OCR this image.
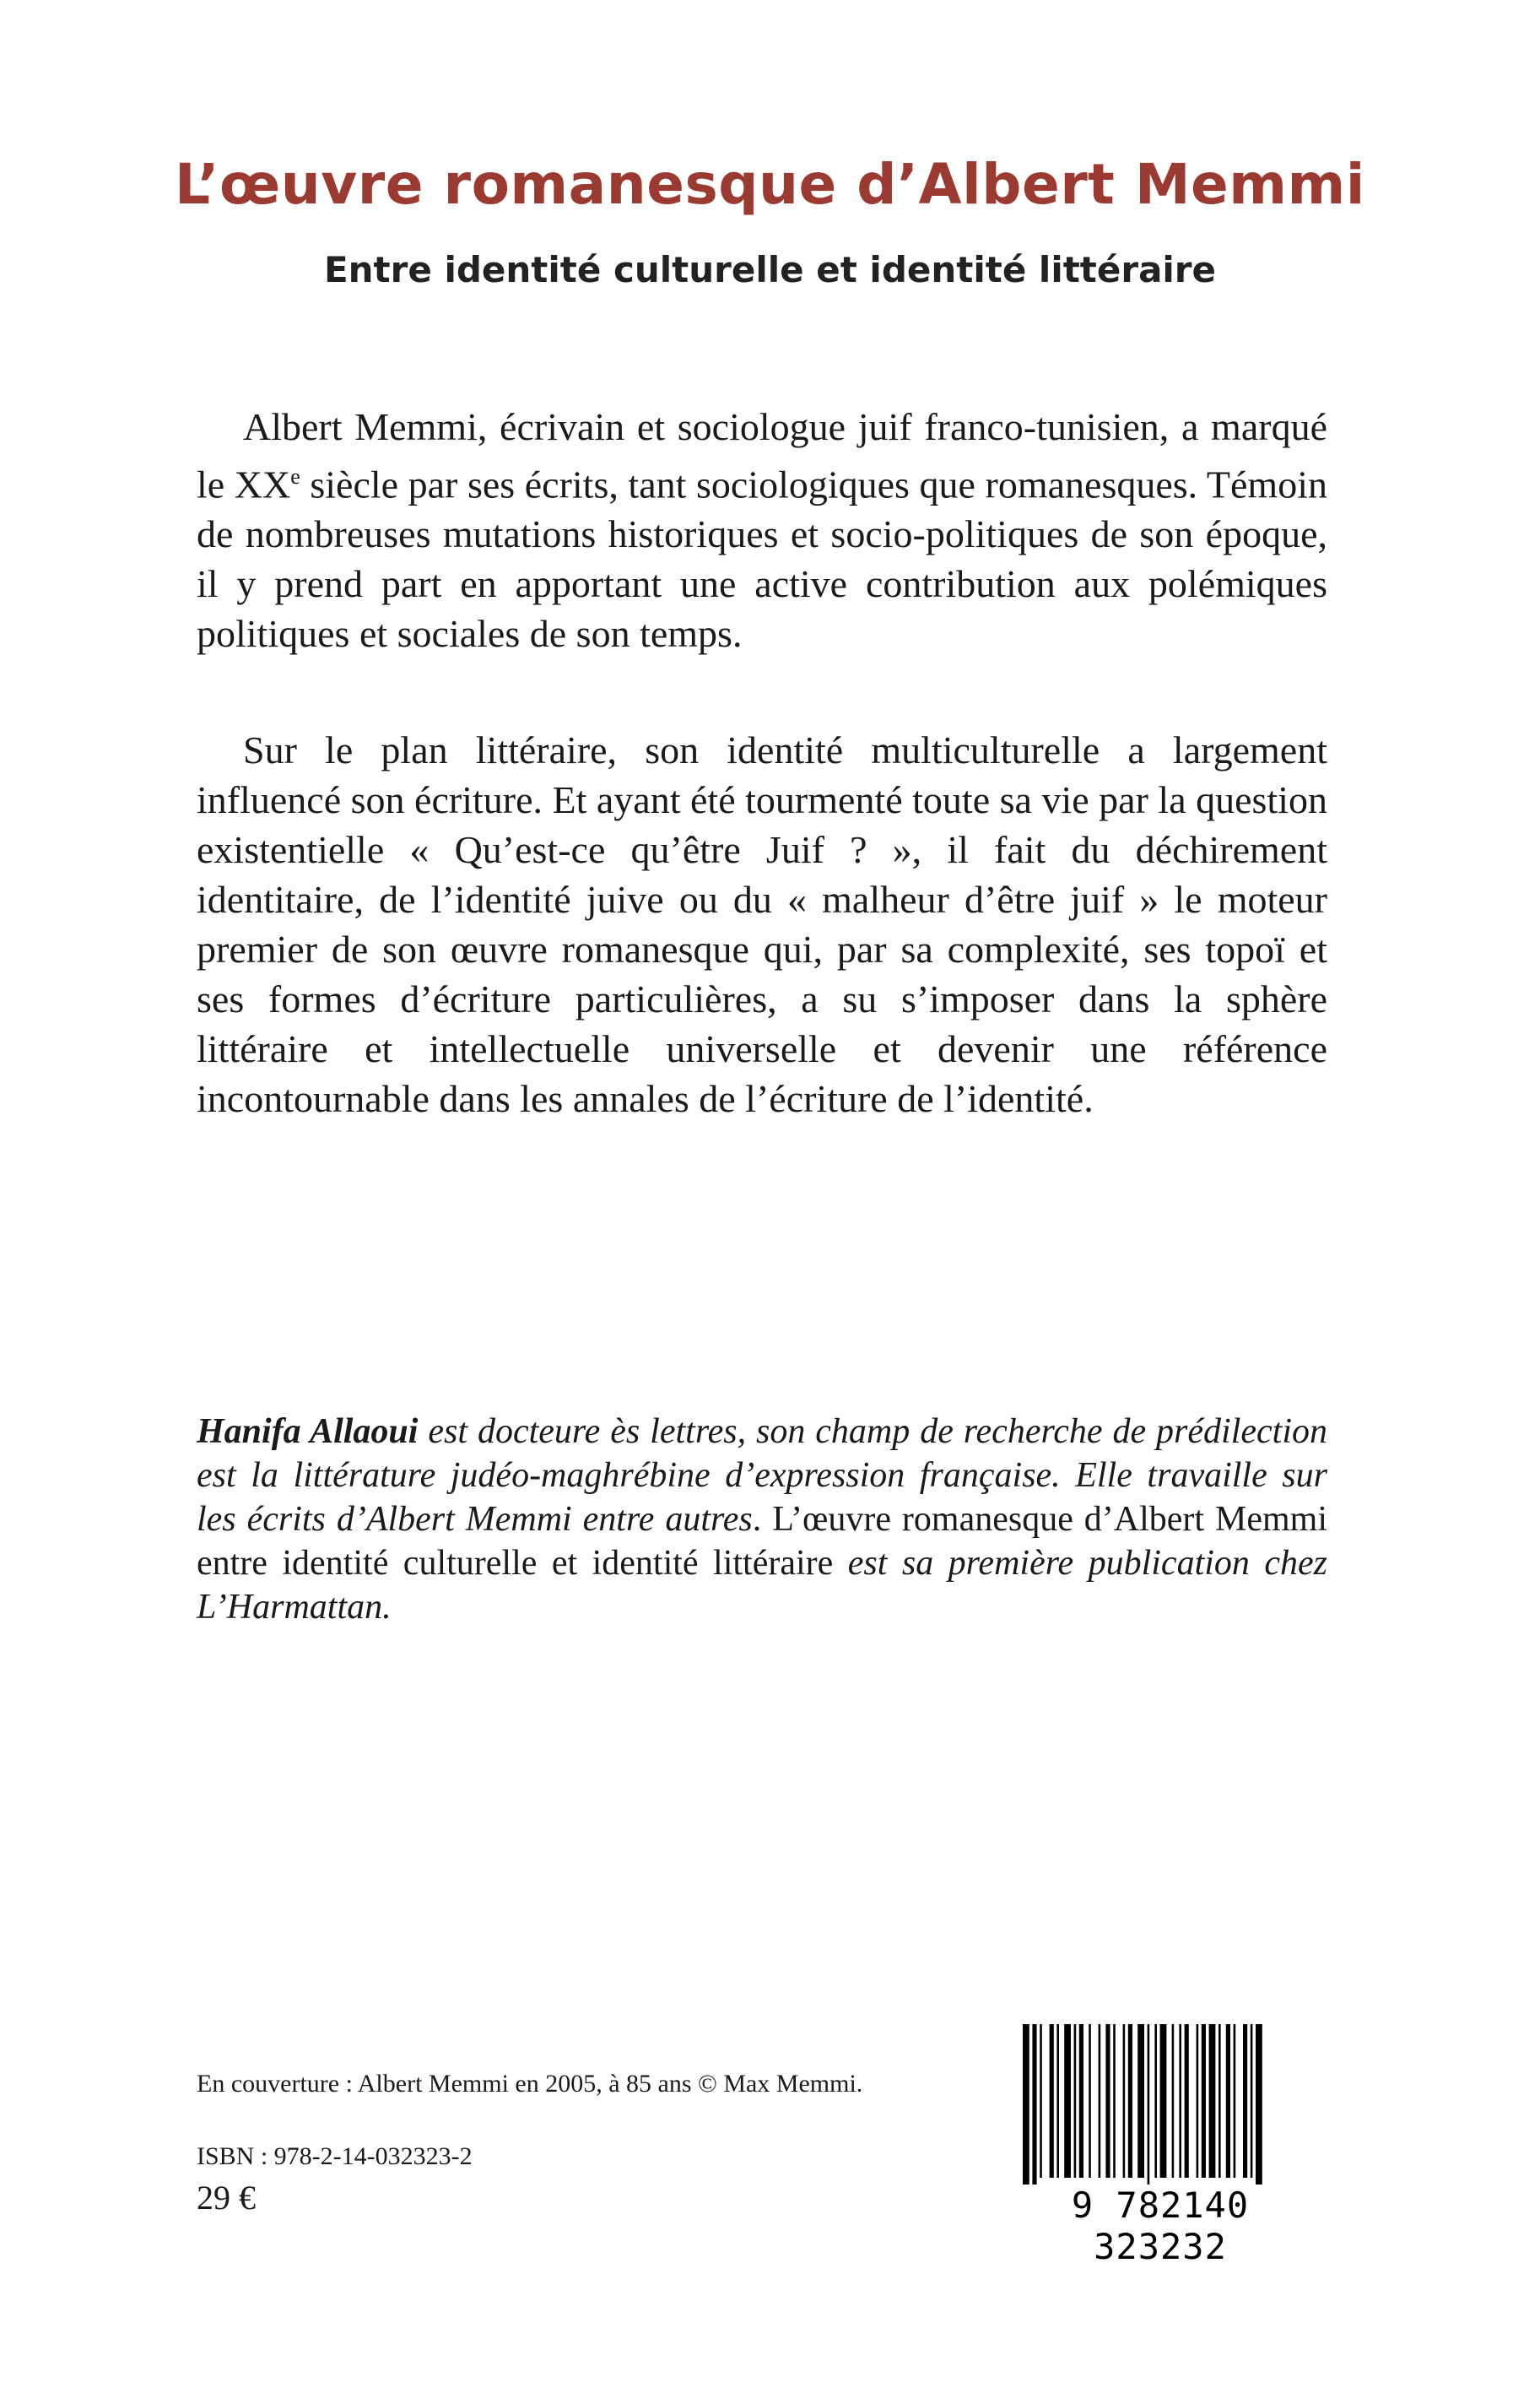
L’œuvre romanesque d’Albert Memmi
Entre identité culturelle et identité littéraire

Albert Memmi, écrivain et sociologue juif franco-tunisien, a marqué le XXe siècle par ses écrits, tant sociologiques que romanesques. Témoin de nombreuses mutations historiques et socio-politiques de son époque, il y prend part en apportant une active contribution aux polémiques politiques et sociales de son temps.

Sur le plan littéraire, son identité multiculturelle a largement influencé son écriture. Et ayant été tourmenté toute sa vie par la question existentielle « Qu’est-ce qu’être Juif ? », il fait du déchirement identitaire, de l’identité juive ou du « malheur d’être juif » le moteur premier de son œuvre romanesque qui, par sa complexité, ses topoï et ses formes d’écriture particulières, a su s’imposer dans la sphère littéraire et intellectuelle universelle et devenir une référence incontournable dans les annales de l’écriture de l’identité.

Hanifa Allaoui est docteure ès lettres, son champ de recherche de prédilection est la littérature judéo-maghrébine d’expression française. Elle travaille sur les écrits d’Albert Memmi entre autres. L’œuvre romanesque d’Albert Memmi entre identité culturelle et identité littéraire est sa première publication chez L’Harmattan.

En couverture : Albert Memmi en 2005, à 85 ans © Max Memmi.

ISBN : 978-2-14-032323-2

29 €	9 782140 323232
